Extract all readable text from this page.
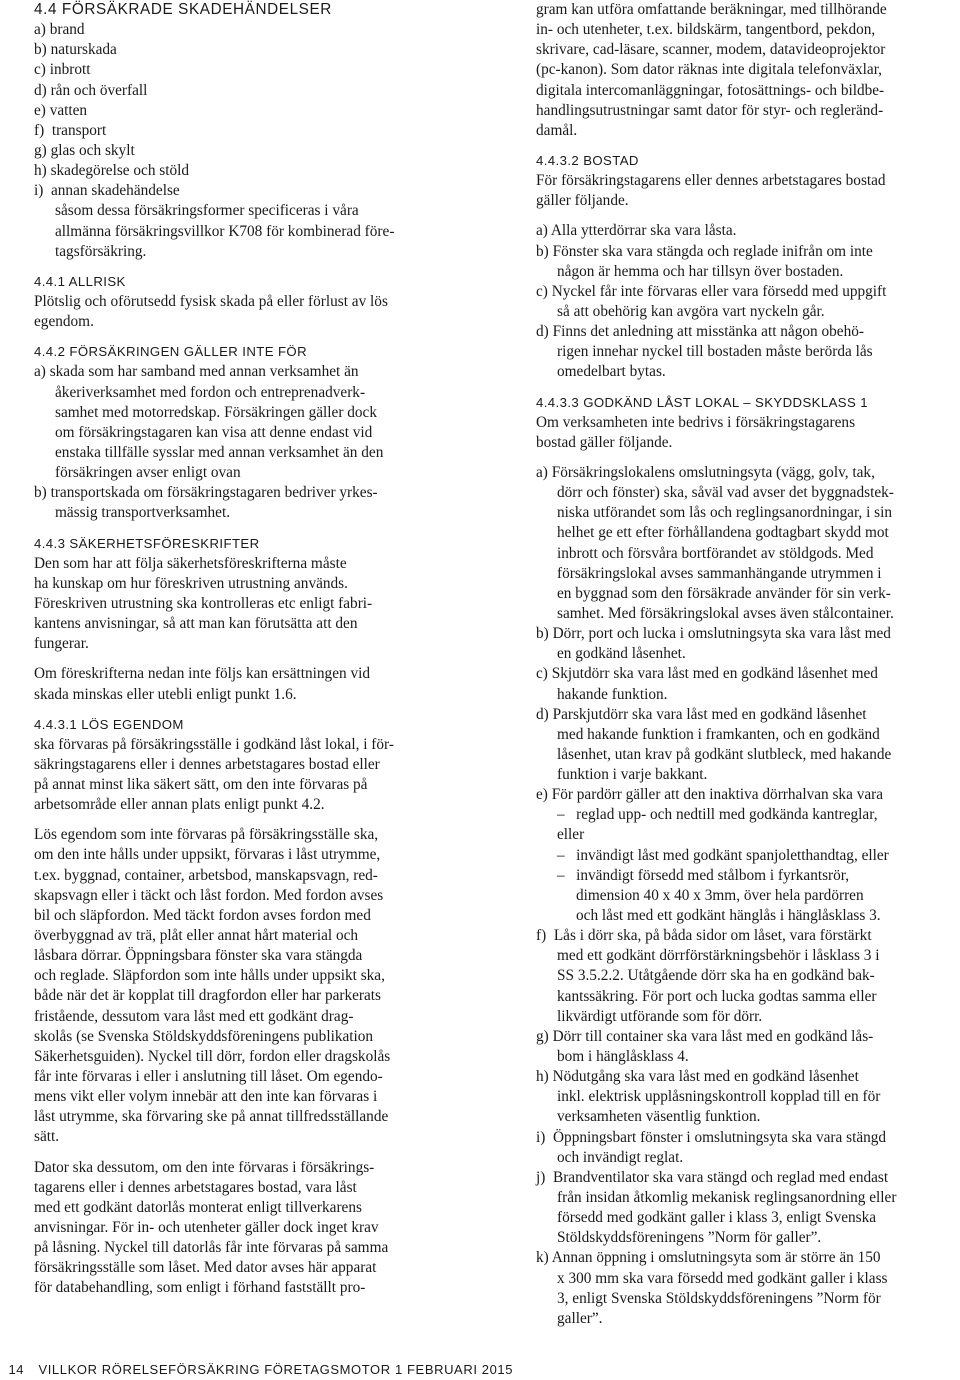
4.4 FÖRSÄKRADE SKADEHÄNDELSER
a) brand
b) naturskada
c) inbrott
d) rån och överfall
e) vatten
f)  transport
g) glas och skylt
h) skadegörelse och stöld
i)  annan skadehändelse
såsom dessa försäkringsformer specificeras i våra
allmänna försäkringsvillkor K708 för kombinerad före-
tagsförsäkring.
4.4.1 ALLRISK
Plötslig och oförutsedd fysisk skada på eller förlust av lös
egendom.
4.4.2 FÖRSÄKRINGEN GÄLLER INTE FÖR
a) skada som har samband med annan verksamhet än
åkeriverksamhet med fordon och entreprenadverk-
samhet med motorredskap. Försäkringen gäller dock
om försäkringstagaren kan visa att denne endast vid
enstaka tillfälle sysslar med annan verksamhet än den
försäkringen avser enligt ovan
b) transportskada om försäkringstagaren bedriver yrkes-
mässig transportverksamhet.
4.4.3 SÄKERHETSFÖRESKRIFTER
Den som har att följa säkerhetsföreskrifterna måste
ha kunskap om hur föreskriven utrustning används.
Föreskriven utrustning ska kontrolleras etc enligt fabri-
kantens anvisningar, så att man kan förutsätta att den
fungerar.
Om föreskrifterna nedan inte följs kan ersättningen vid
skada minskas eller utebli enligt punkt 1.6.
4.4.3.1 LÖS EGENDOM
ska förvaras på försäkringsställe i godkänd låst lokal, i för-
säkringstagarens eller i dennes arbetstagares bostad eller
på annat minst lika säkert sätt, om den inte förvaras på
arbetsområde eller annan plats enligt punkt 4.2.
Lös egendom som inte förvaras på försäkringsställe ska,
om den inte hålls under uppsikt, förvaras i låst utrymme,
t.ex. byggnad, container, arbetsbod, manskapsvagn, red-
skapsvagn eller i täckt och låst fordon. Med fordon avses
bil och släpfordon. Med täckt fordon avses fordon med
överbyggnad av trä, plåt eller annat hårt material och
låsbara dörrar. Öppningsbara fönster ska vara stängda
och reglade. Släpfordon som inte hålls under uppsikt ska,
både när det är kopplat till dragfordon eller har parkerats
fristående, dessutom vara låst med ett godkänt drag-
skolås (se Svenska Stöldskyddsföreningens publikation
Säkerhetsguiden). Nyckel till dörr, fordon eller dragskolås
får inte förvaras i eller i anslutning till låset. Om egendo-
mens vikt eller volym innebär att den inte kan förvaras i
låst utrymme, ska förvaring ske på annat tillfredsställande
sätt.
Dator ska dessutom, om den inte förvaras i försäkrings-
tagarens eller i dennes arbetstagares bostad, vara låst
med ett godkänt datorlås monterat enligt tillverkarens
anvisningar. För in- och utenheter gäller dock inget krav
på låsning. Nyckel till datorlås får inte förvaras på samma
försäkringsställe som låset. Med dator avses här apparat
för databehandling, som enligt i förhand fastställt pro-
gram kan utföra omfattande beräkningar, med tillhörande
in- och utenheter, t.ex. bildskärm, tangentbord, pekdon,
skrivare, cad-läsare, scanner, modem, datavideoprojektor
(pc-kanon). Som dator räknas inte digitala telefonväxlar,
digitala intercomanläggningar, fotosättnings- och bildbe-
handlingsutrustningar samt dator för styr- och regleränd-
damål.
4.4.3.2 BOSTAD
För försäkringstagarens eller dennes arbetstagares bostad
gäller följande.
a) Alla ytterdörrar ska vara låsta.
b) Fönster ska vara stängda och reglade inifrån om inte
någon är hemma och har tillsyn över bostaden.
c) Nyckel får inte förvaras eller vara försedd med uppgift
så att obehörig kan avgöra vart nyckeln går.
d) Finns det anledning att misstänka att någon obehö-
rigen innehar nyckel till bostaden måste berörda lås
omedelbart bytas.
4.4.3.3 GODKÄND LÅST LOKAL – SKYDDSKLASS 1
Om verksamheten inte bedrivs i försäkringstagarens
bostad gäller följande.
a) Försäkringslokalens omslutningsyta (vägg, golv, tak,
dörr och fönster) ska, såväl vad avser det byggnadstek-
niska utförandet som lås och reglingsanordningar, i sin
helhet ge ett efter förhållandena godtagbart skydd mot
inbrott och försvåra bortförandet av stöldgods. Med
försäkringslokal avses sammanhängande utrymmen i
en byggnad som den försäkrade använder för sin verk-
samhet. Med försäkringslokal avses även stålcontainer.
b) Dörr, port och lucka i omslutningsyta ska vara låst med
en godkänd låsenhet.
c) Skjutdörr ska vara låst med en godkänd låsenhet med
hakande funktion.
d) Parskjutdörr ska vara låst med en godkänd låsenhet
med hakande funktion i framkanten, och en godkänd
låsenhet, utan krav på godkänt slutbleck, med hakande
funktion i varje bakkant.
e) För pardörr gäller att den inaktiva dörrhalvan ska vara
–   reglad upp- och nedtill med godkända kantreglar,
eller
–   invändigt låst med godkänt spanjoletthandtag, eller
–   invändigt försedd med stålbom i fyrkantsrör,
dimension 40 x 40 x 3mm, över hela pardörren
och låst med ett godkänt hänglås i hänglåsklass 3.
f)  Lås i dörr ska, på båda sidor om låset, vara förstärkt
med ett godkänt dörrförstärkningsbehör i låsklass 3 i
SS 3.5.2.2. Utåtgående dörr ska ha en godkänd bak-
kantssäkring. För port och lucka godtas samma eller
likvärdigt utförande som för dörr.
g) Dörr till container ska vara låst med en godkänd lås-
bom i hänglåsklass 4.
h) Nödutgång ska vara låst med en godkänd låsenhet
inkl. elektrisk upplåsningskontroll kopplad till en för
verksamheten väsentlig funktion.
i)  Öppningsbart fönster i omslutningsyta ska vara stängd
och invändigt reglat.
j)  Brandventilator ska vara stängd och reglad med endast
från insidan åtkomlig mekanisk reglingsanordning eller
försedd med godkänt galler i klass 3, enligt Svenska
Stöldskyddsföreningens ”Norm för galler”.
k) Annan öppning i omslutningsyta som är större än 150
x 300 mm ska vara försedd med godkänt galler i klass
3, enligt Svenska Stöldskyddsföreningens ”Norm för
galler”.

14 VILLKOR RÖRELSEFÖRSÄKRING FÖRETAGSMOTOR 1 FEBRUARI 2015
